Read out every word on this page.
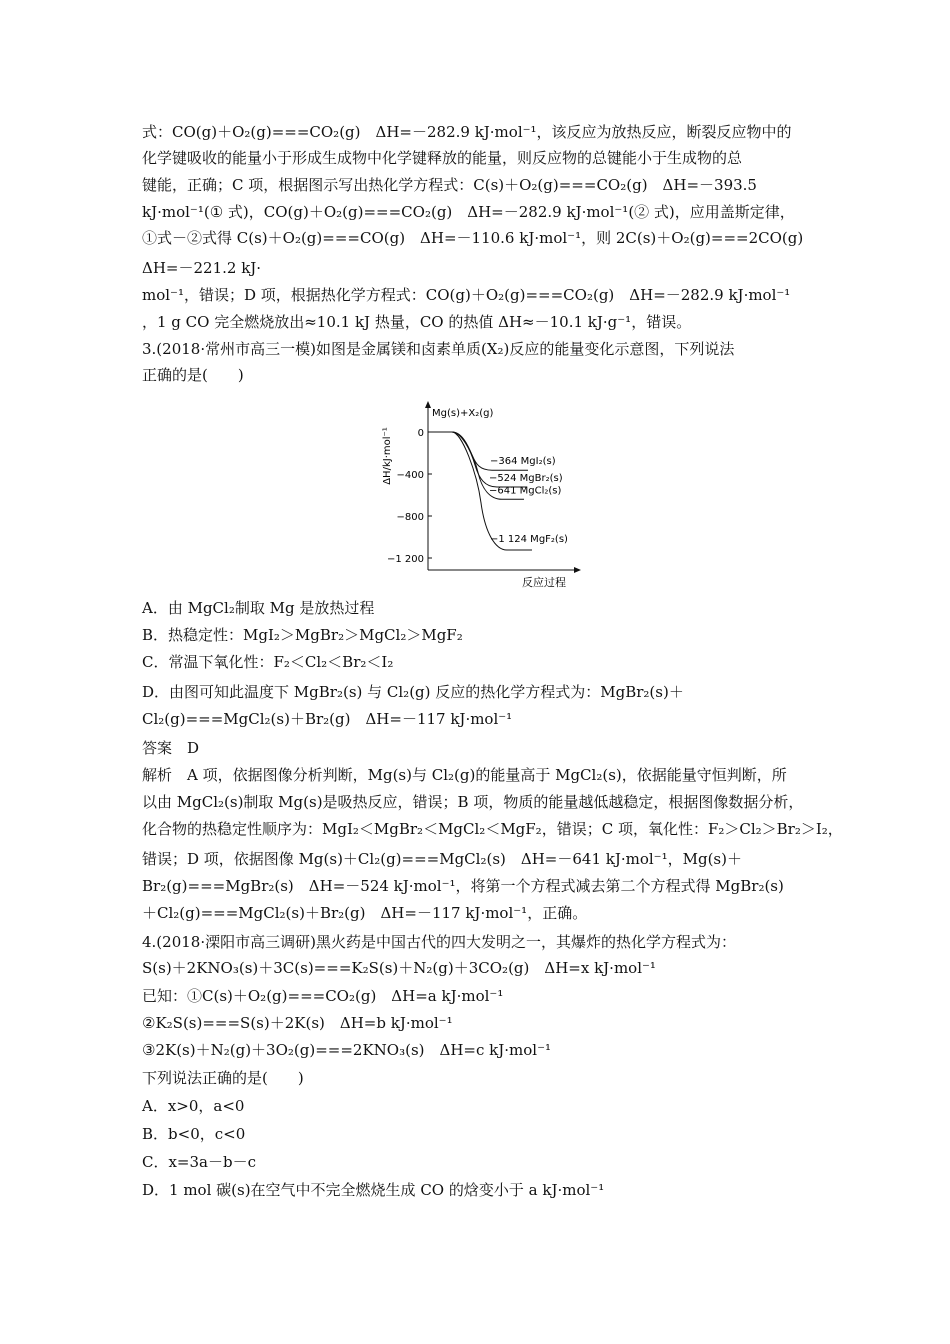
式：CO(g)＋O₂(g)===CO₂(g)　ΔH=－282.9 kJ·mol⁻¹，该反应为放热反应，断裂反应物中的
化学键吸收的能量小于形成生成物中化学键释放的能量，则反应物的总键能小于生成物的总
键能，正确；C 项，根据图示写出热化学方程式：C(s)＋O₂(g)===CO₂(g)　ΔH=－393.5
kJ·mol⁻¹(① 式)，CO(g)＋O₂(g)===CO₂(g)　ΔH=－282.9 kJ·mol⁻¹(② 式)，应用盖斯定律，
①式－②式得 C(s)＋O₂(g)===CO(g)　ΔH=－110.6 kJ·mol⁻¹，则 2C(s)＋O₂(g)===2CO(g)
ΔH=－221.2 kJ·
mol⁻¹，错误；D 项，根据热化学方程式：CO(g)＋O₂(g)===CO₂(g)　ΔH=－282.9 kJ·mol⁻¹
，1 g CO 完全燃烧放出≈10.1 kJ 热量，CO 的热值 ΔH≈－10.1 kJ·g⁻¹，错误。
3.(2018·常州市高三一模)如图是金属镁和卤素单质(X₂)反应的能量变化示意图，下列说法
正确的是(　　)
ΔH/kJ·mol⁻¹
反应过程
Mg(s)+X₂(g)
0
−400
−800
−1 200
−364 MgI₂(s)
−524 MgBr₂(s)
−641 MgCl₂(s)
−1 124 MgF₂(s)
A．由 MgCl₂制取 Mg 是放热过程
B．热稳定性：MgI₂＞MgBr₂＞MgCl₂＞MgF₂
C．常温下氧化性：F₂＜Cl₂＜Br₂＜I₂
D．由图可知此温度下 MgBr₂(s) 与 Cl₂(g) 反应的热化学方程式为：MgBr₂(s)＋
Cl₂(g)===MgCl₂(s)＋Br₂(g)　ΔH=－117 kJ·mol⁻¹
答案　D
解析　A 项，依据图像分析判断，Mg(s)与 Cl₂(g)的能量高于 MgCl₂(s)，依据能量守恒判断，所
以由 MgCl₂(s)制取 Mg(s)是吸热反应，错误；B 项，物质的能量越低越稳定，根据图像数据分析，
化合物的热稳定性顺序为：MgI₂＜MgBr₂＜MgCl₂＜MgF₂，错误；C 项，氧化性：F₂＞Cl₂＞Br₂＞I₂，
错误；D 项，依据图像 Mg(s)＋Cl₂(g)===MgCl₂(s)　ΔH=－641 kJ·mol⁻¹，Mg(s)＋
Br₂(g)===MgBr₂(s)　ΔH=－524 kJ·mol⁻¹，将第一个方程式减去第二个方程式得 MgBr₂(s)
＋Cl₂(g)===MgCl₂(s)＋Br₂(g)　ΔH=－117 kJ·mol⁻¹，正确。
4.(2018·溧阳市高三调研)黑火药是中国古代的四大发明之一，其爆炸的热化学方程式为：
S(s)＋2KNO₃(s)＋3C(s)===K₂S(s)＋N₂(g)＋3CO₂(g)　ΔH=x kJ·mol⁻¹
已知：①C(s)＋O₂(g)===CO₂(g)　ΔH=a kJ·mol⁻¹
②K₂S(s)===S(s)＋2K(s)　ΔH=b kJ·mol⁻¹
③2K(s)＋N₂(g)＋3O₂(g)===2KNO₃(s)　ΔH=c kJ·mol⁻¹
下列说法正确的是(　　)
A．x>0，a<0
B．b<0，c<0
C．x=3a－b－c
D．1 mol 碳(s)在空气中不完全燃烧生成 CO 的焓变小于 a kJ·mol⁻¹
